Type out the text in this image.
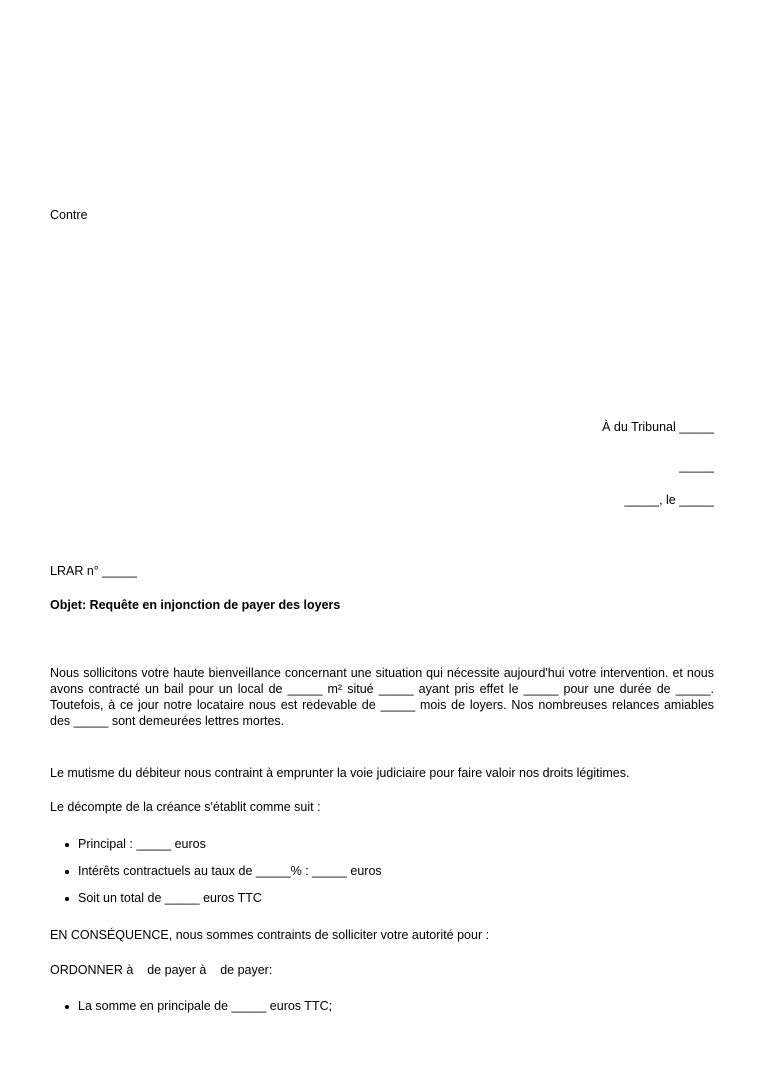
Contre

À du Tribunal _____
_____
_____, le _____

LRAR n° _____

Objet: Requête en injonction de payer des loyers

Nous sollicitons votre haute bienveillance concernant une situation qui nécessite aujourd'hui votre intervention. et nous avons contracté un bail pour un local de _____ m² situé _____ ayant pris effet le _____ pour une durée de _____. Toutefois, à ce jour notre locataire nous est redevable de _____ mois de loyers. Nos nombreuses relances amiables des _____ sont demeurées lettres mortes.

Le mutisme du débiteur nous contraint à emprunter la voie judiciaire pour faire valoir nos droits légitimes.

Le décompte de la créance s'établit comme suit :

Principal : _____ euros
Intérêts contractuels au taux de _____% : _____ euros
Soit un total de _____ euros TTC

EN CONSÉQUENCE, nous sommes contraints de solliciter votre autorité pour :

ORDONNER à    de payer à    de payer:

La somme en principale de _____ euros TTC;
